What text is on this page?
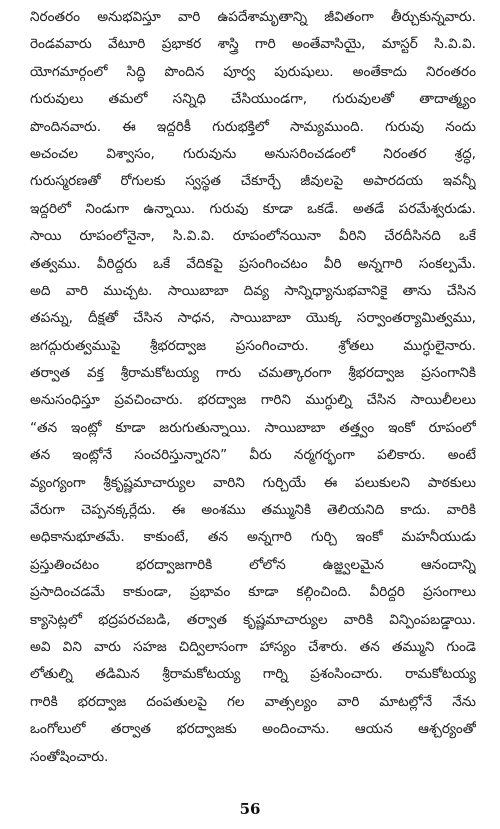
నిరంతరం అనుభవిస్తూ వారి ఉపదేశామృతాన్ని జీవితంగా తీర్చుకున్నవారు.
రెండవవారు వేటూరి ప్రభాకర శాస్త్రి గారి అంతేవాసియై, మాస్టర్ సి.వి.వి.
యోగమార్గంలో సిద్ధి పొందిన పూర్వ పురుషులు. అంతేకాదు నిరంతరం
గురువులు తమలో సన్నిధి చేసియుండగా, గురువులతో తాదాత్మ్యం
పొందినవారు. ఈ ఇద్దరికీ గురుభక్తిలో సామ్యముంది. గురువు నందు
అచంచల విశ్వాసం, గురువును అనుసరించడంలో నిరంతర శ్రద్ధ,
గురుస్మరణతో రోగులకు స్వస్థత చేకూర్చే జీవులపై అపారదయ ఇవన్నీ
ఇద్దరిలో నిండుగా ఉన్నాయి. గురువు కూడా ఒకడే. అతడే పరమేశ్వరుడు.
సాయి రూపంలోనైనా, సి.వి.వి. రూపంలోనయినా వీరిని చేరదీసినది ఒకే
తత్వము. వీరిద్దరు ఒకే వేదికపై ప్రసంగించటం వీరి అన్నగారి సంకల్పమే.
అది వారి ముచ్చట. సాయిబాబా దివ్య సాన్నిధ్యానుభవానికై తాను చేసిన
తపన్ను, దీక్షతో చేసిన సాధన, సాయిబాబా యొక్క సర్వాంతర్యామిత్వము,
జగద్గురుత్వముపై శ్రీభరద్వాజ ప్రసంగించారు. శ్రోతలు ముగ్ధులైనారు.
తర్వాత వక్త శ్రీరామకోటయ్య గారు చమత్కారంగా శ్రీభరద్వాజ ప్రసంగానికి
అనుసంధిస్తూ ప్రవచించారు. భరద్వాజ గారిని ముగ్ధుల్ని చేసిన సాయిలీలలు
“తన ఇంట్లో కూడా జరుగుతున్నాయి. సాయిబాబా తత్త్వం ఇంకో రూపంలో
తన ఇంట్లోనే సంచరిస్తున్నారని” వీరు నర్మగర్భంగా పలికారు. అంటే
వ్యంగ్యంగా శ్రీకృష్ణమాచార్యుల వారిని గుర్చియే ఈ పలుకులని పాఠకులు
వేరుగా చెప్పనక్కర్లేదు. ఈ అంశము తమ్మునికి తెలియనిది కాదు. వారికి
అధికానుభూతమే. కాకుంటే, తన అన్నగారి గుర్చి ఇంకో మహనీయుడు
ప్రస్తుతించటం భరద్వాజగారికి లోలోన ఉజ్జ్వలమైన ఆనందాన్ని
ప్రసాదించడమే కాకుండా, ప్రభావం కూడా కల్గించింది. వీరిద్దరి ప్రసంగాలు
క్యాసెట్లలో భద్రపరచబడి, తర్వాత కృష్ణమాచార్యుల వారికి విన్పింపబడ్డాయి.
అవి విని వారు సహజ చిద్విలాసంగా హాస్యం చేశారు. తన తమ్ముని గుండె
లోతుల్ని తడిమిన శ్రీరామకోటయ్య గార్ని ప్రశంసించారు. రామకోటయ్య
గారికి భరద్వాజ దంపతులపై గల వాత్సల్యం వారి మాటల్లోనే నేను
ఒంగోలులో తర్వాత భరద్వాజకు అందించాను. ఆయన ఆశ్చర్యంతో
సంతోషించారు.
56
